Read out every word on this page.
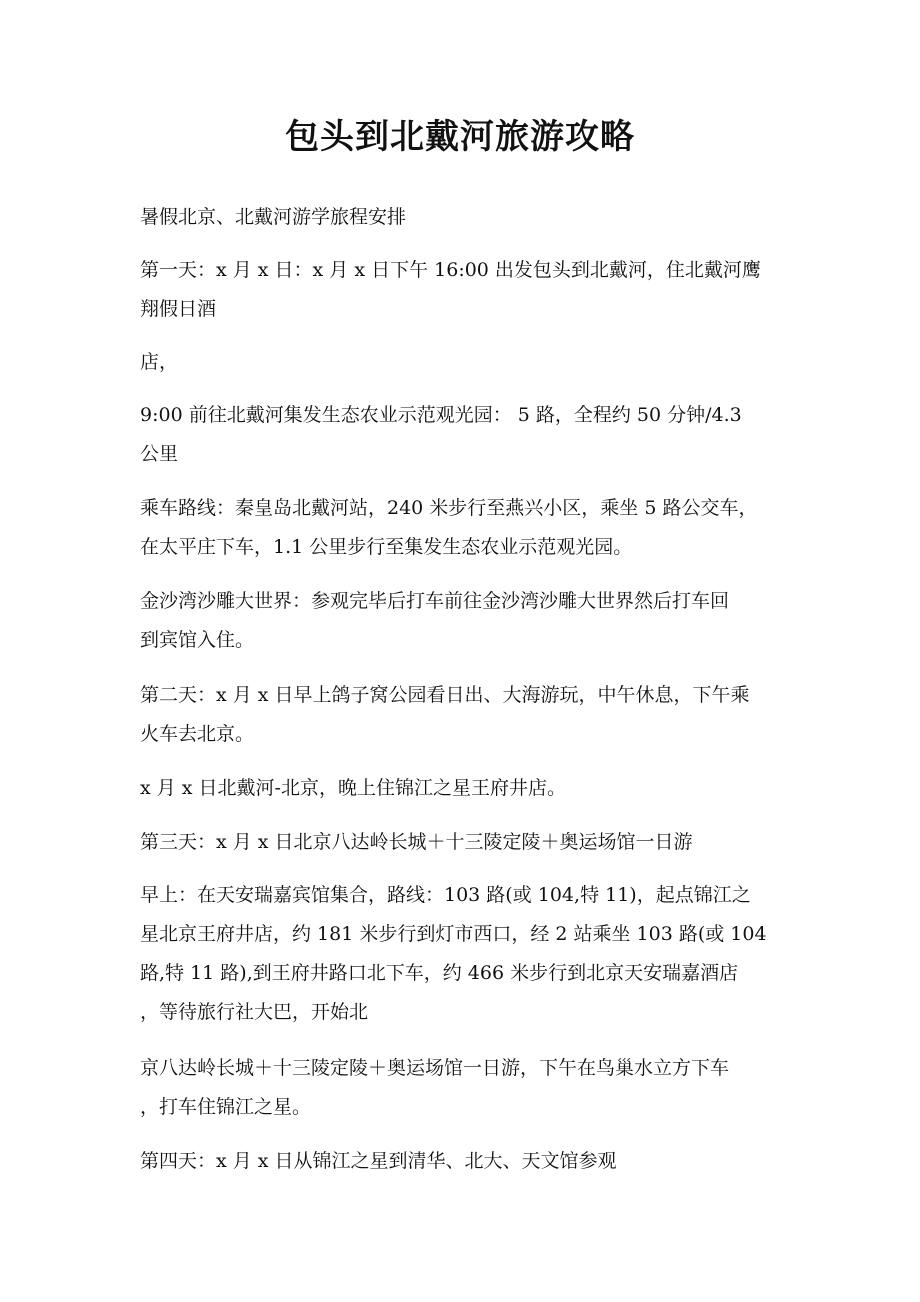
包头到北戴河旅游攻略

暑假北京、北戴河游学旅程安排

第一天：x 月 x 日：x 月 x 日下午 16:00 出发包头到北戴河，住北戴河鹰
翔假日酒

店，

9:00 前往北戴河集发生态农业示范观光园： 5 路，全程约 50 分钟/4.3
公里

乘车路线：秦皇岛北戴河站，240 米步行至燕兴小区，乘坐 5 路公交车，
在太平庄下车，1.1 公里步行至集发生态农业示范观光园。

金沙湾沙雕大世界：参观完毕后打车前往金沙湾沙雕大世界然后打车回
到宾馆入住。

第二天：x 月 x 日早上鸽子窝公园看日出、大海游玩，中午休息，下午乘
火车去北京。

x 月 x 日北戴河-北京，晚上住锦江之星王府井店。

第三天：x 月 x 日北京八达岭长城＋十三陵定陵＋奥运场馆一日游

早上：在天安瑞嘉宾馆集合，路线：103 路(或 104,特 11)，起点锦江之
星北京王府井店，约 181 米步行到灯市西口，经 2 站乘坐 103 路(或 104
路,特 11 路),到王府井路口北下车，约 466 米步行到北京天安瑞嘉酒店
，等待旅行社大巴，开始北

京八达岭长城＋十三陵定陵＋奥运场馆一日游，下午在鸟巢水立方下车
，打车住锦江之星。

第四天：x 月 x 日从锦江之星到清华、北大、天文馆参观
